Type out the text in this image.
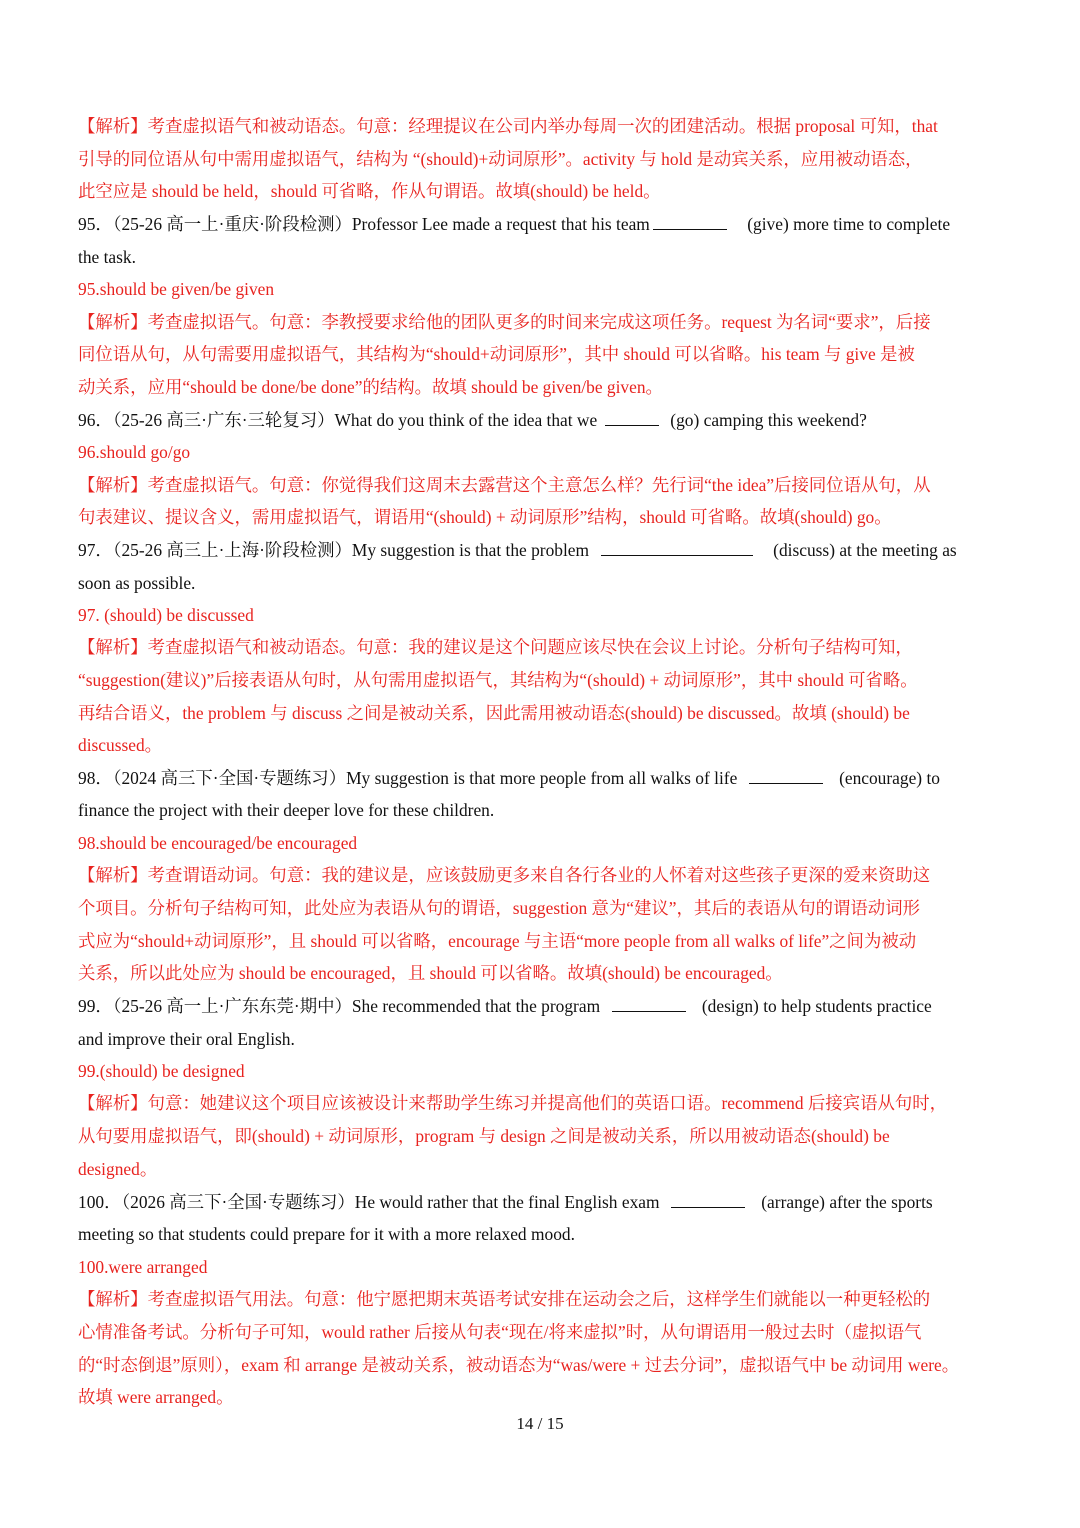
【解析】考查虚拟语气和被动语态。句意：经理提议在公司内举办每周一次的团建活动。根据 proposal 可知，that
引导的同位语从句中需用虚拟语气，结构为 “(should)+动词原形”。activity 与 hold 是动宾关系，应用被动语态，
此空应是 should be held，should 可省略，作从句谓语。故填(should) be held。
95．（25-26 高一上·重庆·阶段检测）Professor Lee made a request that his team	(give) more time to complete
the task.
95.should be given/be given
【解析】考查虚拟语气。句意：李教授要求给他的团队更多的时间来完成这项任务。request 为名词“要求”，后接
同位语从句，从句需要用虚拟语气，其结构为“should+动词原形”，其中 should 可以省略。his team 与 give 是被
动关系，应用“should be done/be done”的结构。故填 should be given/be given。
96．（25-26 高三·广东·三轮复习）What do you think of the idea that we	(go) camping this weekend?
96.should go/go
【解析】考查虚拟语气。句意：你觉得我们这周末去露营这个主意怎么样？先行词“the idea”后接同位语从句，从
句表建议、提议含义，需用虚拟语气，谓语用“(should) + 动词原形”结构，should 可省略。故填(should) go。
97．（25-26 高三上·上海·阶段检测）My suggestion is that the problem	(discuss) at the meeting as
soon as possible.
97. (should) be discussed
【解析】考查虚拟语气和被动语态。句意：我的建议是这个问题应该尽快在会议上讨论。分析句子结构可知，
“suggestion(建议)”后接表语从句时，从句需用虚拟语气，其结构为“(should) + 动词原形”，其中 should 可省略。
再结合语义，the problem 与 discuss 之间是被动关系，因此需用被动语态(should) be discussed。故填 (should) be
discussed。
98．（2024 高三下·全国·专题练习）My suggestion is that more people from all walks of life	(encourage) to
finance the project with their deeper love for these children.
98.should be encouraged/be encouraged
【解析】考查谓语动词。句意：我的建议是，应该鼓励更多来自各行各业的人怀着对这些孩子更深的爱来资助这
个项目。分析句子结构可知，此处应为表语从句的谓语，suggestion 意为“建议”，其后的表语从句的谓语动词形
式应为“should+动词原形”，且 should 可以省略，encourage 与主语“more people from all walks of life”之间为被动
关系，所以此处应为 should be encouraged，且 should 可以省略。故填(should) be encouraged。
99．（25-26 高一上·广东东莞·期中）She recommended that the program	(design) to help students practice
and improve their oral English.
99.(should) be designed
【解析】句意：她建议这个项目应该被设计来帮助学生练习并提高他们的英语口语。recommend 后接宾语从句时，
从句要用虚拟语气，即(should) + 动词原形，program 与 design 之间是被动关系，所以用被动语态(should) be
designed。
100．（2026 高三下·全国·专题练习）He would rather that the final English exam	(arrange) after the sports
meeting so that students could prepare for it with a more relaxed mood.
100.were arranged
【解析】考查虚拟语气用法。句意：他宁愿把期末英语考试安排在运动会之后，这样学生们就能以一种更轻松的
心情准备考试。分析句子可知，would rather 后接从句表“现在/将来虚拟”时，从句谓语用一般过去时（虚拟语气
的“时态倒退”原则），exam 和 arrange 是被动关系，被动语态为“was/were + 过去分词”，虚拟语气中 be 动词用 were。
故填 were arranged。
14 / 15
